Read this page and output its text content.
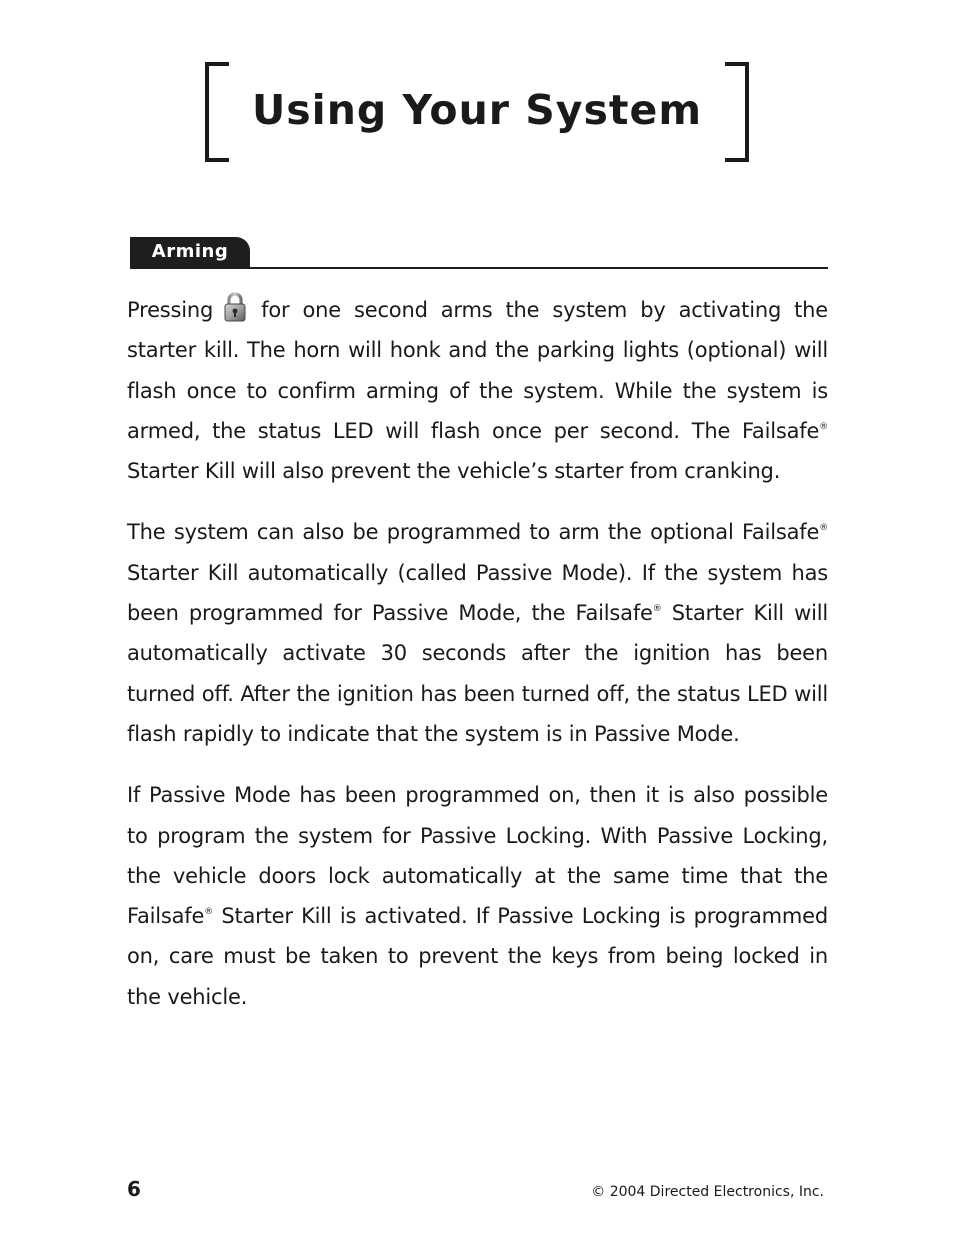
Using Your System
Arming

Pressing for one second arms the system by activating the starter kill. The horn will honk and the parking lights (optional) will flash once to confirm arming of the system. While the system is armed, the status LED will flash once per second. The Failsafe® Starter Kill will also prevent the vehicle’s starter from cranking.

The system can also be programmed to arm the optional Failsafe® Starter Kill automatically (called Passive Mode). If the system has been programmed for Passive Mode, the Failsafe® Starter Kill will automatically activate 30 seconds after the ignition has been turned off. After the ignition has been turned off, the status LED will flash rapidly to indicate that the system is in Passive Mode.

If Passive Mode has been programmed on, then it is also possible to program the system for Passive Locking. With Passive Locking, the vehicle doors lock automatically at the same time that the Failsafe® Starter Kill is activated. If Passive Locking is programmed on, care must be taken to prevent the keys from being locked in the vehicle.

6	© 2004 Directed Electronics, Inc.
